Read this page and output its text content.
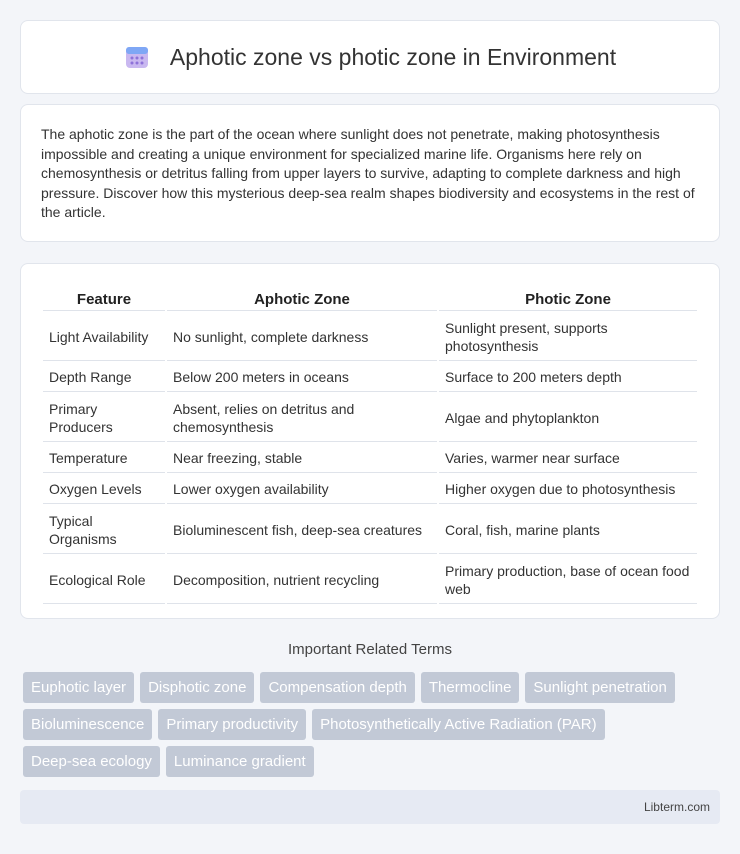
Aphotic zone vs photic zone in Environment

The aphotic zone is the part of the ocean where sunlight does not penetrate, making photosynthesis impossible and creating a unique environment for specialized marine life. Organisms here rely on chemosynthesis or detritus falling from upper layers to survive, adapting to complete darkness and high pressure. Discover how this mysterious deep-sea realm shapes biodiversity and ecosystems in the rest of the article.

Feature	Aphotic Zone	Photic Zone
Light Availability	No sunlight, complete darkness	Sunlight present, supports photosynthesis
Depth Range	Below 200 meters in oceans	Surface to 200 meters depth
Primary Producers	Absent, relies on detritus and chemosynthesis	Algae and phytoplankton
Temperature	Near freezing, stable	Varies, warmer near surface
Oxygen Levels	Lower oxygen availability	Higher oxygen due to photosynthesis
Typical Organisms	Bioluminescent fish, deep-sea creatures	Coral, fish, marine plants
Ecological Role	Decomposition, nutrient recycling	Primary production, base of ocean food web
Important Related Terms
Euphotic layer	Disphotic zone	Compensation depth	Thermocline	Sunlight penetration
Bioluminescence	Primary productivity	Photosynthetically Active Radiation (PAR)
Deep-sea ecology	Luminance gradient
Libterm.com
